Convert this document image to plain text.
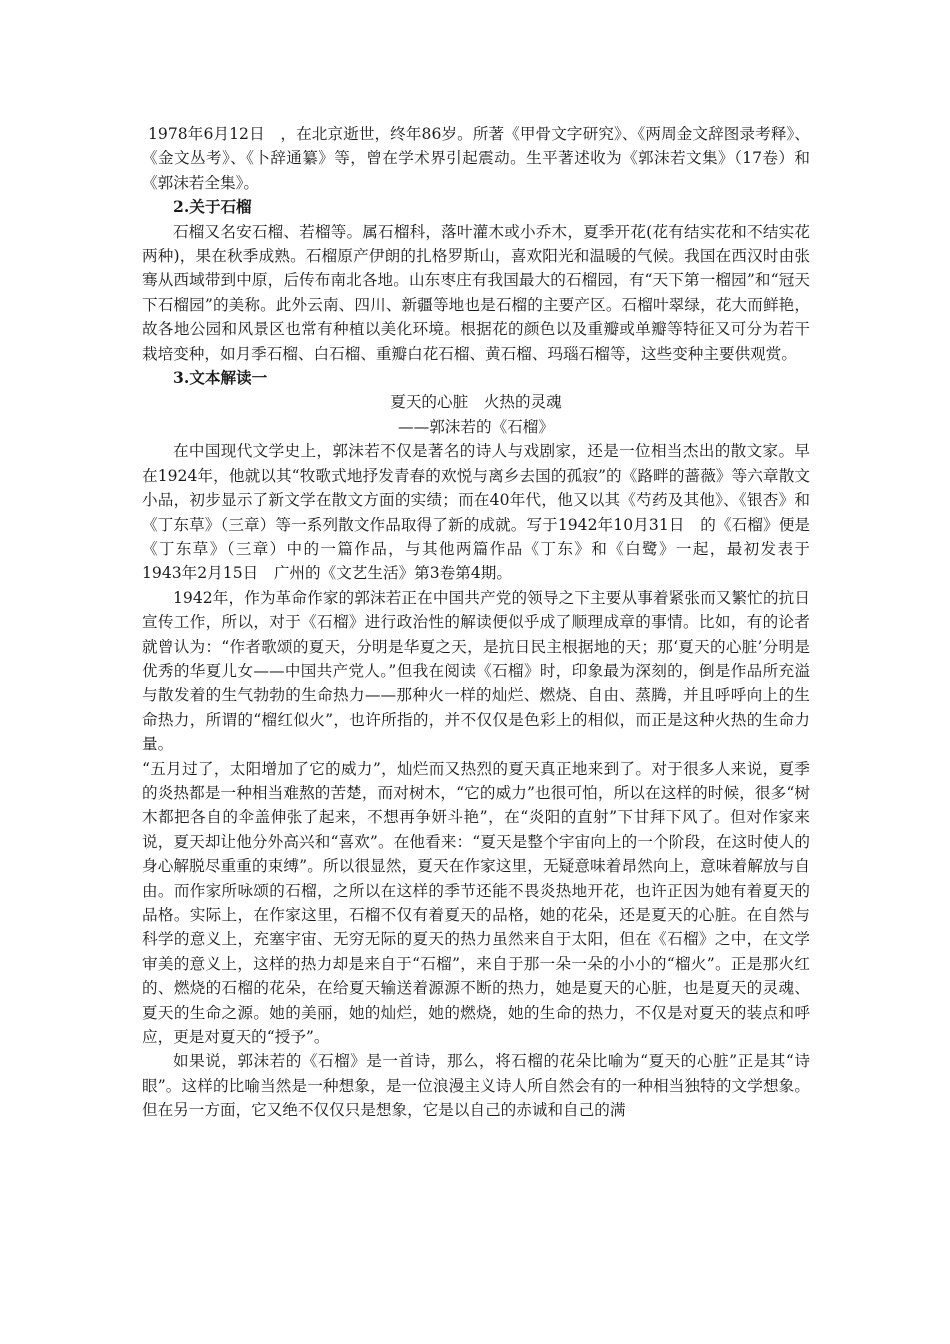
1978年6月12日　，在北京逝世，终年86岁。所著《甲骨文字研究》、《两周金文辞图录考释》、《金文丛考》、《卜辞通纂》等，曾在学术界引起震动。生平著述收为《郭沫若文集》（17卷）和《郭沫若全集》。

2.关于石榴

石榴又名安石榴、若榴等。属石榴科，落叶灌木或小乔木，夏季开花(花有结实花和不结实花两种)，果在秋季成熟。石榴原产伊朗的扎格罗斯山，喜欢阳光和温暖的气候。我国在西汉时由张骞从西域带到中原，后传布南北各地。山东枣庄有我国最大的石榴园，有“天下第一榴园”和“冠天下石榴园”的美称。此外云南、四川、新疆等地也是石榴的主要产区。石榴叶翠绿，花大而鲜艳，故各地公园和风景区也常有种植以美化环境。根据花的颜色以及重瓣或单瓣等特征又可分为若干栽培变种，如月季石榴、白石榴、重瓣白花石榴、黄石榴、玛瑙石榴等，这些变种主要供观赏。

3.文本解读一

夏天的心脏　火热的灵魂

——郭沫若的《石榴》

在中国现代文学史上，郭沫若不仅是著名的诗人与戏剧家，还是一位相当杰出的散文家。早在1924年，他就以其“牧歌式地抒发青春的欢悦与离乡去国的孤寂”的《路畔的蔷薇》等六章散文小品，初步显示了新文学在散文方面的实绩；而在40年代，他又以其《芍药及其他》、《银杏》和《丁东草》（三章）等一系列散文作品取得了新的成就。写于1942年10月31日　的《石榴》便是《丁东草》（三章）中的一篇作品，与其他两篇作品《丁东》和《白鹭》一起，最初发表于　1943年2月15日　广州的《文艺生活》第3卷第4期。

1942年，作为革命作家的郭沫若正在中国共产党的领导之下主要从事着紧张而又繁忙的抗日宣传工作，所以，对于《石榴》进行政治性的解读便似乎成了顺理成章的事情。比如，有的论者就曾认为：“作者歌颂的夏天，分明是华夏之天，是抗日民主根据地的天；那‘夏天的心脏’分明是优秀的华夏儿女——中国共产党人。”但我在阅读《石榴》时，印象最为深刻的，倒是作品所充溢与散发着的生气勃勃的生命热力——那种火一样的灿烂、燃烧、自由、蒸腾，并且呼呼向上的生命热力，所谓的“榴红似火”，也许所指的，并不仅仅是色彩上的相似，而正是这种火热的生命力量。

“五月过了，太阳增加了它的威力”，灿烂而又热烈的夏天真正地来到了。对于很多人来说，夏季的炎热都是一种相当难熬的苦楚，而对树木，“它的威力”也很可怕，所以在这样的时候，很多“树木都把各自的伞盖伸张了起来，不想再争妍斗艳”，在“炎阳的直射”下甘拜下风了。但对作家来说，夏天却让他分外高兴和“喜欢”。在他看来：“夏天是整个宇宙向上的一个阶段，在这时使人的身心解脱尽重重的束缚”。所以很显然，夏天在作家这里，无疑意味着昂然向上，意味着解放与自由。而作家所咏颂的石榴，之所以在这样的季节还能不畏炎热地开花，也许正因为她有着夏天的品格。实际上，在作家这里，石榴不仅有着夏天的品格，她的花朵，还是夏天的心脏。在自然与科学的意义上，充塞宇宙、无穷无际的夏天的热力虽然来自于太阳，但在《石榴》之中，在文学审美的意义上，这样的热力却是来自于“石榴”，来自于那一朵一朵的小小的“榴火”。正是那火红的、燃烧的石榴的花朵，在给夏天输送着源源不断的热力，她是夏天的心脏，也是夏天的灵魂、夏天的生命之源。她的美丽，她的灿烂，她的燃烧，她的生命的热力，不仅是对夏天的装点和呼应，更是对夏天的“授予”。

如果说，郭沫若的《石榴》是一首诗，那么，将石榴的花朵比喻为“夏天的心脏”正是其“诗眼”。这样的比喻当然是一种想象，是一位浪漫主义诗人所自然会有的一种相当独特的文学想象。但在另一方面，它又绝不仅仅只是想象，它是以自己的赤诚和自己的满
